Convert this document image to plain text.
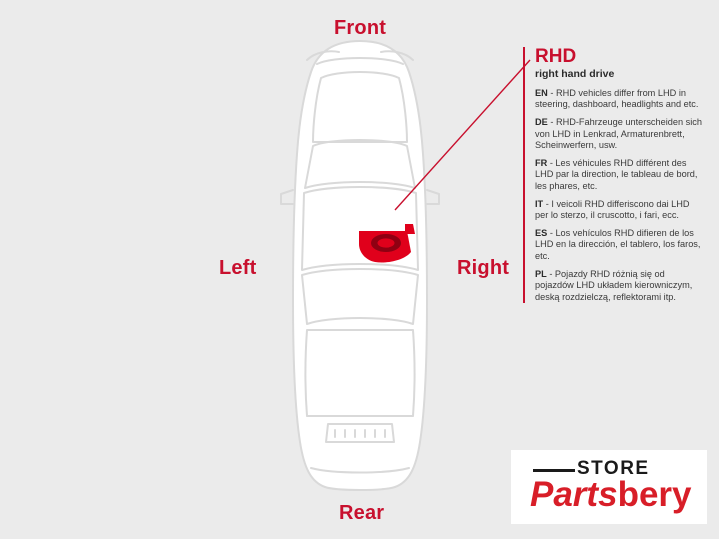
Front
Rear
Left	Right
RHD
right hand drive

EN - RHD vehicles differ from LHD in steering, dashboard, headlights and etc.

DE - RHD-Fahrzeuge unterscheiden sich von LHD in Lenkrad, Armaturenbrett, Scheinwerfern, usw.

FR - Les véhicules RHD différent des LHD par la direction, le tableau de bord, les phares, etc.

IT - I veicoli RHD differiscono dai LHD per lo sterzo, il cruscotto, i fari, ecc.

ES - Los vehículos RHD difieren de los LHD en la dirección, el tablero, los faros, etc.

PL - Pojazdy RHD różnią się od pojazdów LHD układem kierowniczym, deską rozdzielczą, reflektorami itp.

STORE
Partsbery
